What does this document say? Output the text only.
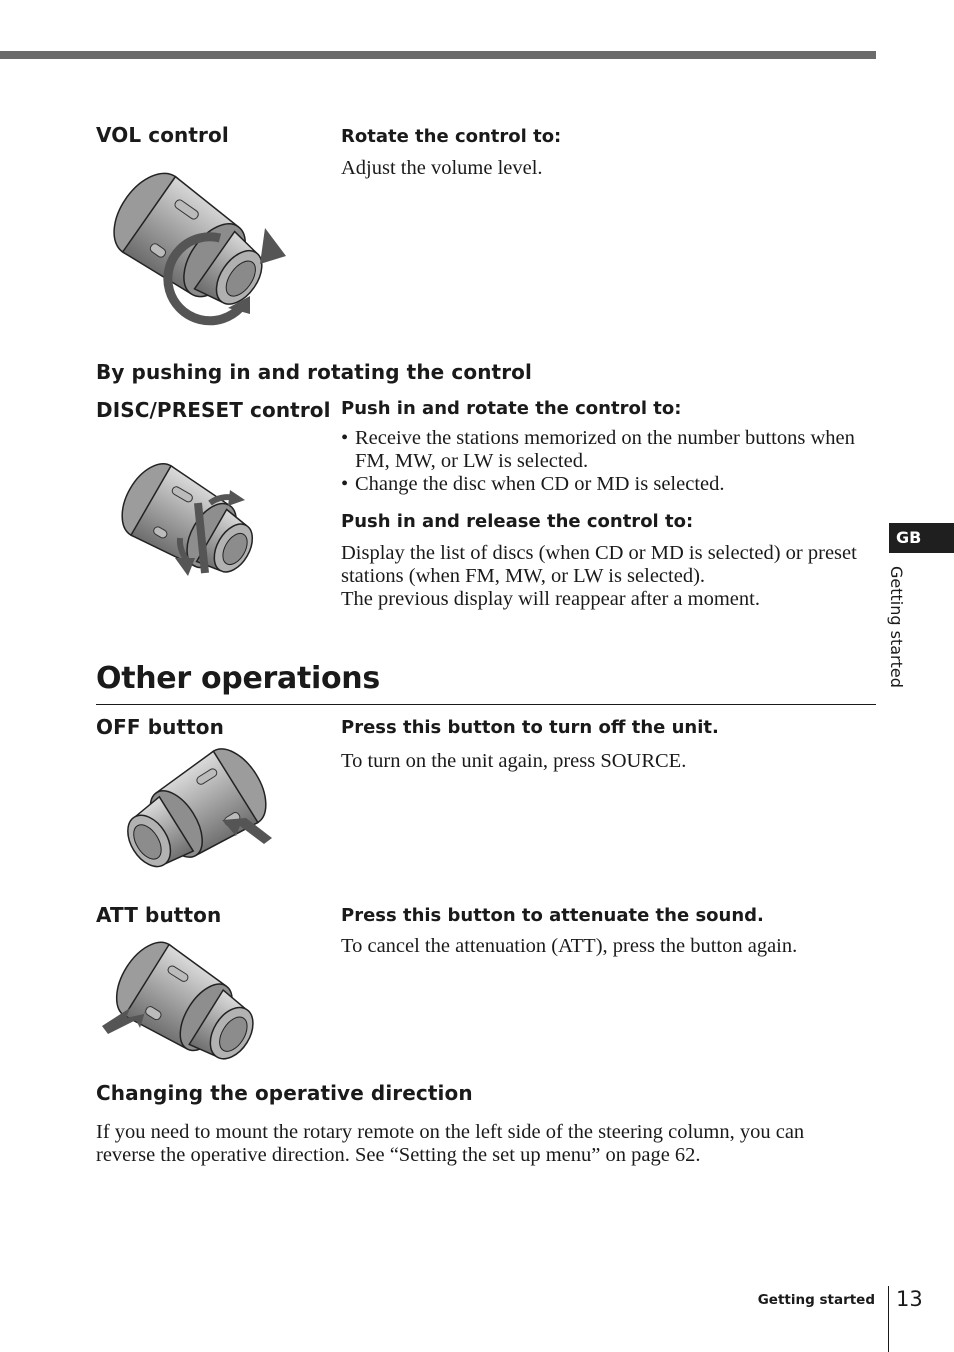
VOL control	Rotate the control to:
Adjust the volume level.
By pushing in and rotating the control
DISC/PRESET control Push in and rotate the control to:
• Receive the stations memorized on the number buttons when FM, MW, or LW is selected.
• Change the disc when CD or MD is selected.
Push in and release the control to:
Display the list of discs (when CD or MD is selected) or preset stations (when FM, MW, or LW is selected).
The previous display will reappear after a moment.
Other operations
OFF button	Press this button to turn off the unit.
To turn on the unit again, press SOURCE.
ATT button	Press this button to attenuate the sound.
To cancel the attenuation (ATT), press the button again.
Changing the operative direction
If you need to mount the rotary remote on the left side of the steering column, you can reverse the operative direction. See “Setting the set up menu” on page 62.
GB
Getting started
Getting started 13
